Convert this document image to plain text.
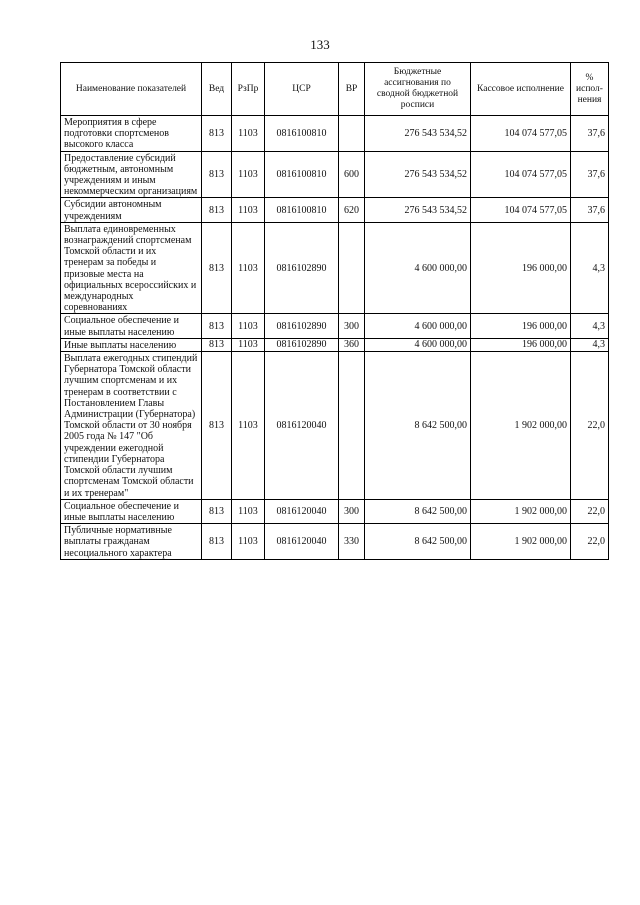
133
Наименование показателей	Вед	РзПр	ЦСР	ВР	Бюджетные ассигнования по сводной бюджетной росписи	Кассовое исполнение	% испол-нения
Мероприятия в сфере подготовки спортсменов высокого класса	813	1103	0816100810		276 543 534,52	104 074 577,05	37,6
Предоставление субсидий бюджетным, автономным учреждениям и иным некоммерческим организациям	813	1103	0816100810	600	276 543 534,52	104 074 577,05	37,6
Субсидии автономным учреждениям	813	1103	0816100810	620	276 543 534,52	104 074 577,05	37,6
Выплата единовременных вознаграждений спортсменам Томской области и их тренерам за победы и призовые места на официальных всероссийских и международных соревнованиях	813	1103	0816102890		4 600 000,00	196 000,00	4,3
Социальное обеспечение и иные выплаты населению	813	1103	0816102890	300	4 600 000,00	196 000,00	4,3
Иные выплаты населению	813	1103	0816102890	360	4 600 000,00	196 000,00	4,3
Выплата ежегодных стипендий Губернатора Томской области лучшим спортсменам и их тренерам в соответствии с Постановлением Главы Администрации (Губернатора) Томской области от 30 ноября 2005 года № 147 "Об учреждении ежегодной стипендии Губернатора Томской области лучшим спортсменам Томской области и их тренерам"	813	1103	0816120040		8 642 500,00	1 902 000,00	22,0
Социальное обеспечение и иные выплаты населению	813	1103	0816120040	300	8 642 500,00	1 902 000,00	22,0
Публичные нормативные выплаты гражданам несоциального характера	813	1103	0816120040	330	8 642 500,00	1 902 000,00	22,0
